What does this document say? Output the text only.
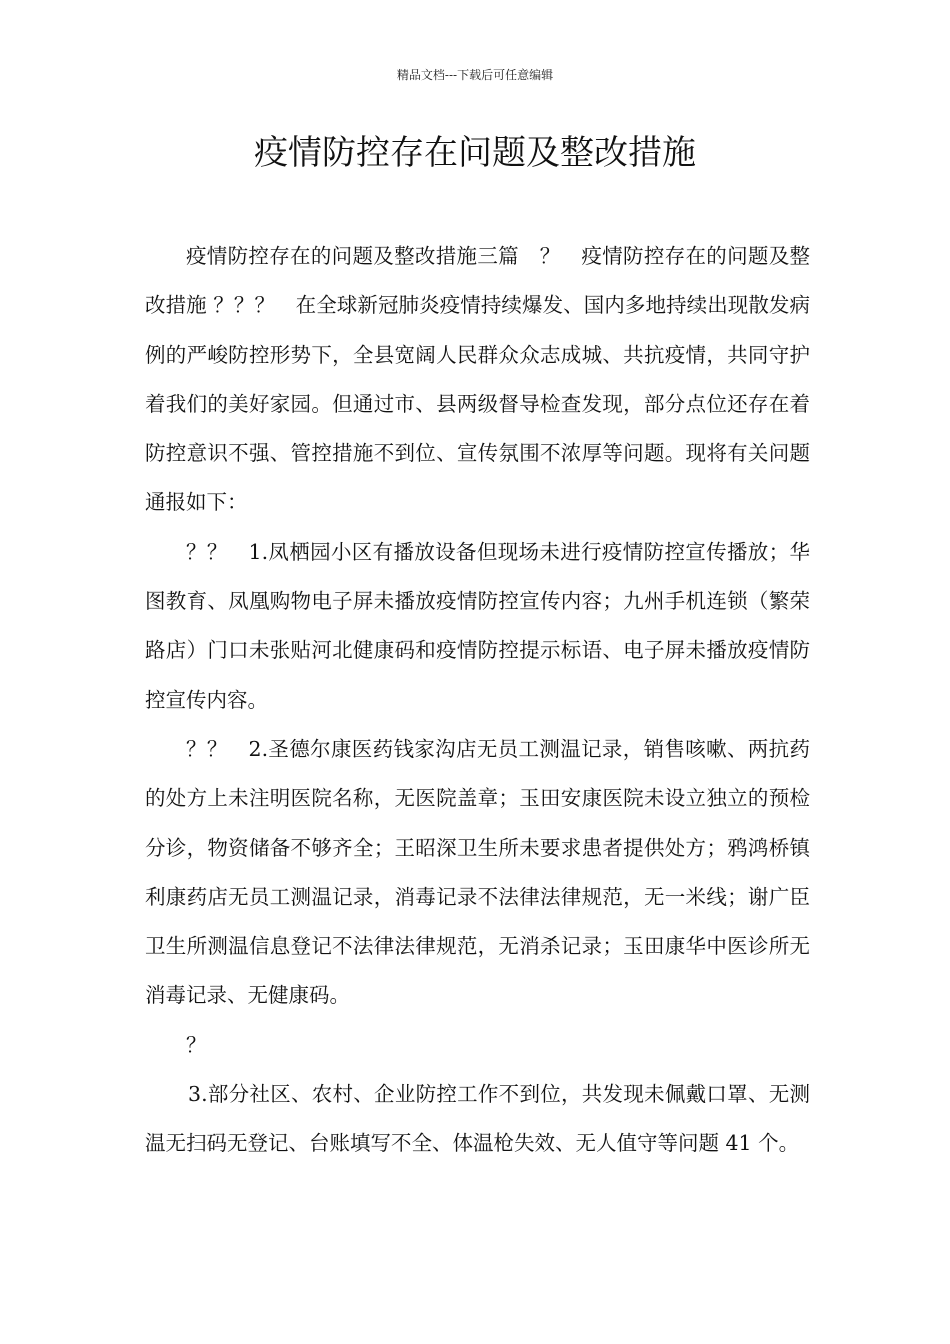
精品文档---下载后可任意编辑
疫情防控存在问题及整改措施

疫情防控存在的问题及整改措施三篇　？　疫情防控存在的问题及整改措施 ？？？　在全球新冠肺炎疫情持续爆发、国内多地持续出现散发病例的严峻防控形势下，全县宽阔人民群众众志成城、共抗疫情，共同守护着我们的美好家园。但通过市、县两级督导检查发现，部分点位还存在着防控意识不强、管控措施不到位、宣传氛围不浓厚等问题。现将有关问题通报如下：

？？　1.凤栖园小区有播放设备但现场未进行疫情防控宣传播放；华图教育、凤凰购物电子屏未播放疫情防控宣传内容；九州手机连锁（繁荣路店）门口未张贴河北健康码和疫情防控提示标语、电子屏未播放疫情防控宣传内容。

？？　2.圣德尔康医药钱家沟店无员工测温记录，销售咳嗽、两抗药的处方上未注明医院名称，无医院盖章；玉田安康医院未设立独立的预检分诊，物资储备不够齐全；王昭深卫生所未要求患者提供处方；鸦鸿桥镇利康药店无员工测温记录，消毒记录不法律法律规范，无一米线；谢广臣卫生所测温信息登记不法律法律规范，无消杀记录；玉田康华中医诊所无消毒记录、无健康码。

？

3.部分社区、农村、企业防控工作不到位，共发现未佩戴口罩、无测温无扫码无登记、台账填写不全、体温枪失效、无人值守等问题 41 个。
